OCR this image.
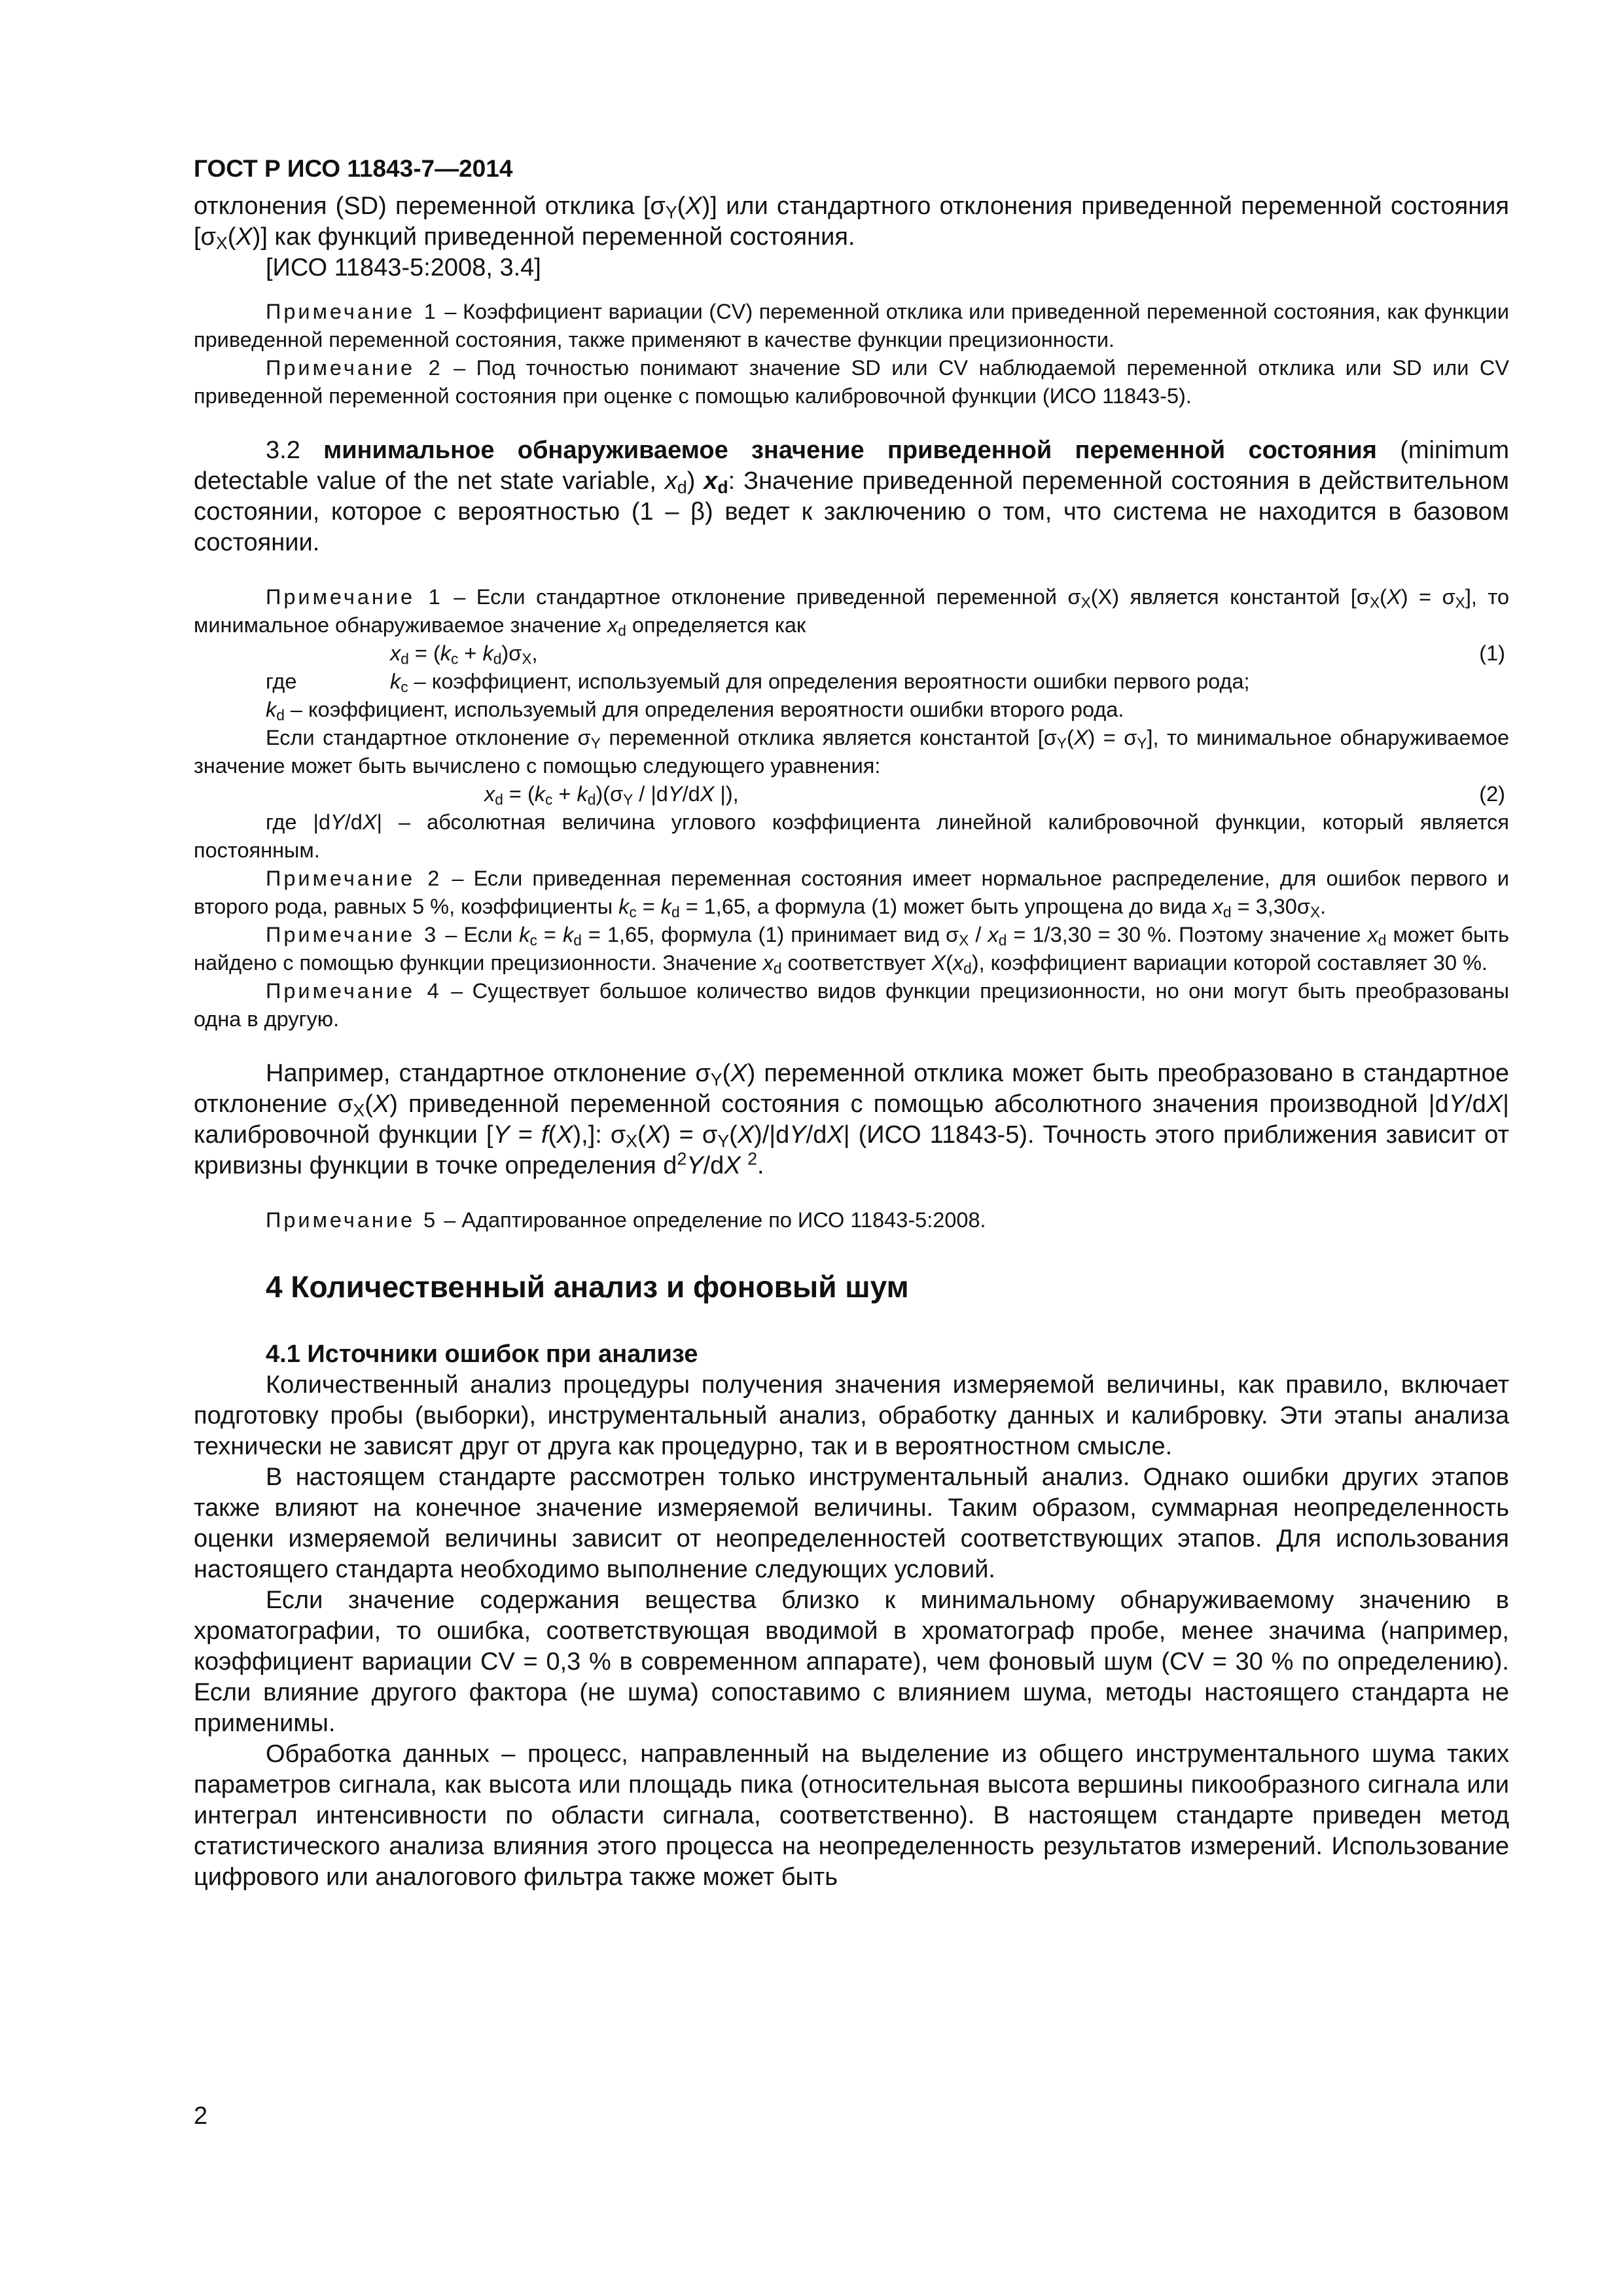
ГОСТ Р ИСО 11843-7—2014

отклонения (SD) переменной отклика $[\sigma_Y(X)]$ или стандартного отклонения приведенной переменной состояния $[\sigma_X(X)]$ как функций приведенной переменной состояния.

[ИСО 11843-5:2008, 3.4]

Примечание 1 – Коэффициент вариации (CV) переменной отклика или приведенной переменной состояния, как функции приведенной переменной состояния, также применяют в качестве функции прецизионности.

Примечание 2 – Под точностью понимают значение SD или CV наблюдаемой переменной отклика или SD или CV приведенной переменной состояния при оценке с помощью калибровочной функции (ИСО 11843-5).

3.2 минимальное обнаруживаемое значение приведенной переменной состояния (minimum detectable value of the net state variable, $x_d$) $x_d$: Значение приведенной переменной состояния в действительном состоянии, которое с вероятностью (1 – β) ведет к заключению о том, что система не находится в базовом состоянии.

Примечание 1 – Если стандартное отклонение приведенной переменной $\sigma_X(X)$ является константой $[\sigma_X(X) = \sigma_X]$, то минимальное обнаруживаемое значение $x_d$ определяется как

$x_d = (k_c + k_d)\sigma_X$,	(1)
где	$k_c$ – коэффициент, используемый для определения вероятности ошибки первого рода;

$k_d$ – коэффициент, используемый для определения вероятности ошибки второго рода.

Если стандартное отклонение $\sigma_Y$ переменной отклика является константой $[\sigma_Y(X) = \sigma_Y]$, то минимальное обнаруживаемое значение может быть вычислено с помощью следующего уравнения:

$x_d = (k_c + k_d)(\sigma_Y / |dY/dX$ |),	(2)

где |dY/dX| – абсолютная величина углового коэффициента линейной калибровочной функции, который является постоянным.

Примечание 2 – Если приведенная переменная состояния имеет нормальное распределение, для ошибок первого и второго рода, равных 5 %, коэффициенты $k_c = k_d = 1,65$, а формула (1) может быть упрощена до вида $x_d = 3,30\sigma_X$.

Примечание 3 – Если $k_c = k_d = 1,65$, формула (1) принимает вид $\sigma_X / x_d = 1/3,30 = 30$ %. Поэтому значение $x_d$ может быть найдено с помощью функции прецизионности. Значение $x_d$ соответствует $X(x_d)$, коэффициент вариации которой составляет 30 %.

Примечание 4 – Существует большое количество видов функции прецизионности, но они могут быть преобразованы одна в другую.

Например, стандартное отклонение $\sigma_Y(X)$ переменной отклика может быть преобразовано в стандартное отклонение $\sigma_X(X)$ приведенной переменной состояния с помощью абсолютного значения производной |dY/dX| калибровочной функции [Y = f(X),]: $\sigma_X(X) = \sigma_Y(X)/|dY/dX|$ (ИСО 11843-5). Точность этого приближения зависит от кривизны функции в точке определения $d^2Y/dX$ $^2$.

Примечание 5 – Адаптированное определение по ИСО 11843-5:2008.

4 Количественный анализ и фоновый шум
4.1 Источники ошибок при анализе

Количественный анализ процедуры получения значения измеряемой величины, как правило, включает подготовку пробы (выборки), инструментальный анализ, обработку данных и калибровку. Эти этапы анализа технически не зависят друг от друга как процедурно, так и в вероятностном смысле.

В настоящем стандарте рассмотрен только инструментальный анализ. Однако ошибки других этапов также влияют на конечное значение измеряемой величины. Таким образом, суммарная неопределенность оценки измеряемой величины зависит от неопределенностей соответствующих этапов. Для использования настоящего стандарта необходимо выполнение следующих условий.

Если значение содержания вещества близко к минимальному обнаруживаемому значению в хроматографии, то ошибка, соответствующая вводимой в хроматограф пробе, менее значима (например, коэффициент вариации CV = 0,3 % в современном аппарате), чем фоновый шум (CV = 30 % по определению). Если влияние другого фактора (не шума) сопоставимо с влиянием шума, методы настоящего стандарта не применимы.

Обработка данных – процесс, направленный на выделение из общего инструментального шума таких параметров сигнала, как высота или площадь пика (относительная высота вершины пикообразного сигнала или интеграл интенсивности по области сигнала, соответственно). В настоящем стандарте приведен метод статистического анализа влияния этого процесса на неопределенность результатов измерений. Использование цифрового или аналогового фильтра также может быть

2
